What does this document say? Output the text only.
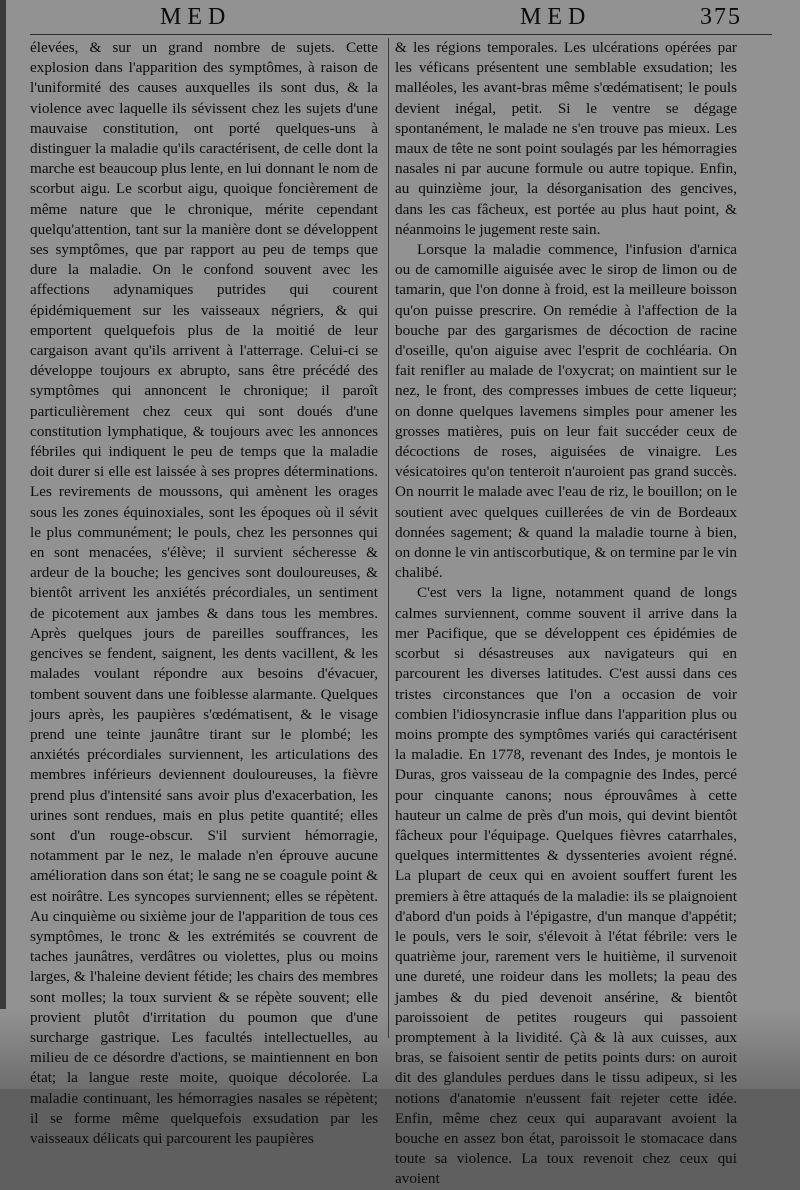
MED	MED	375

élevées, & sur un grand nombre de sujets. Cette explosion dans l'apparition des symptômes, à raison de l'uniformité des causes auxquelles ils sont dus, & la violence avec laquelle ils sévissent chez les sujets d'une mauvaise constitution, ont porté quelques-uns à distinguer la maladie qu'ils caractérisent, de celle dont la marche est beaucoup plus lente, en lui donnant le nom de scorbut aigu. Le scorbut aigu, quoique foncièrement de même nature que le chronique, mérite cependant quelqu'attention, tant sur la manière dont se développent ses symptômes, que par rapport au peu de temps que dure la maladie. On le confond souvent avec les affections adynamiques putrides qui courent épidémiquement sur les vaisseaux négriers, & qui emportent quelquefois plus de la moitié de leur cargaison avant qu'ils arrivent à l'atterrage. Celui-ci se développe toujours ex abrupto, sans être précédé des symptômes qui annoncent le chronique; il paroît particulièrement chez ceux qui sont doués d'une constitution lymphatique, & toujours avec les annonces fébriles qui indiquent le peu de temps que la maladie doit durer si elle est laissée à ses propres déterminations. Les revirements de moussons, qui amènent les orages sous les zones équinoxiales, sont les époques où il sévit le plus communément; le pouls, chez les personnes qui en sont menacées, s'élève; il survient sécheresse & ardeur de la bouche; les gencives sont douloureuses, & bientôt arrivent les anxiétés précordiales, un sentiment de picotement aux jambes & dans tous les membres. Après quelques jours de pareilles souffrances, les gencives se fendent, saignent, les dents vacillent, & les malades voulant répondre aux besoins d'évacuer, tombent souvent dans une foiblesse alarmante. Quelques jours après, les paupières s'œdématisent, & le visage prend une teinte jaunâtre tirant sur le plombé; les anxiétés précordiales surviennent, les articulations des membres inférieurs deviennent douloureuses, la fièvre prend plus d'intensité sans avoir plus d'exacerbation, les urines sont rendues, mais en plus petite quantité; elles sont d'un rouge-obscur. S'il survient hémorragie, notamment par le nez, le malade n'en éprouve aucune amélioration dans son état; le sang ne se coagule point & est noirâtre. Les syncopes surviennent; elles se répètent. Au cinquième ou sixième jour de l'apparition de tous ces symptômes, le tronc & les extrémités se couvrent de taches jaunâtres, verdâtres ou violettes, plus ou moins larges, & l'haleine devient fétide; les chairs des membres sont molles; la toux survient & se répète souvent; elle provient plutôt d'irritation du poumon que d'une surcharge gastrique. Les facultés intellectuelles, au milieu de ce désordre d'actions, se maintiennent en bon état; la langue reste moite, quoique décolorée. La maladie continuant, les hémorragies nasales se répètent; il se forme même quelquefois exsudation par les vaisseaux délicats qui parcourent les paupières

& les régions temporales. Les ulcérations opérées par les véficans présentent une semblable exsudation; les malléoles, les avant-bras même s'œdématisent; le pouls devient inégal, petit. Si le ventre se dégage spontanément, le malade ne s'en trouve pas mieux. Les maux de tête ne sont point soulagés par les hémorragies nasales ni par aucune formule ou autre topique. Enfin, au quinzième jour, la désorganisation des gencives, dans les cas fâcheux, est portée au plus haut point, & néanmoins le jugement reste sain.

Lorsque la maladie commence, l'infusion d'arnica ou de camomille aiguisée avec le sirop de limon ou de tamarin, que l'on donne à froid, est la meilleure boisson qu'on puisse prescrire. On remédie à l'affection de la bouche par des gargarismes de décoction de racine d'oseille, qu'on aiguise avec l'esprit de cochléaria. On fait renifler au malade de l'oxycrat; on maintient sur le nez, le front, des compresses imbues de cette liqueur; on donne quelques lavemens simples pour amener les grosses matières, puis on leur fait succéder ceux de décoctions de roses, aiguisées de vinaigre. Les vésicatoires qu'on tenteroit n'auroient pas grand succès. On nourrit le malade avec l'eau de riz, le bouillon; on le soutient avec quelques cuillerées de vin de Bordeaux données sagement; & quand la maladie tourne à bien, on donne le vin antiscorbutique, & on termine par le vin chalibé.

C'est vers la ligne, notamment quand de longs calmes surviennent, comme souvent il arrive dans la mer Pacifique, que se développent ces épidémies de scorbut si désastreuses aux navigateurs qui en parcourent les diverses latitudes. C'est aussi dans ces tristes circonstances que l'on a occasion de voir combien l'idiosyncrasie influe dans l'apparition plus ou moins prompte des symptômes variés qui caractérisent la maladie. En 1778, revenant des Indes, je montois le Duras, gros vaisseau de la compagnie des Indes, percé pour cinquante canons; nous éprouvâmes à cette hauteur un calme de près d'un mois, qui devint bientôt fâcheux pour l'équipage. Quelques fièvres catarrhales, quelques intermittentes & dyssenteries avoient régné. La plupart de ceux qui en avoient souffert furent les premiers à être attaqués de la maladie: ils se plaignoient d'abord d'un poids à l'épigastre, d'un manque d'appétit; le pouls, vers le soir, s'élevoit à l'état fébrile: vers le quatrième jour, rarement vers le huitième, il survenoit une dureté, une roideur dans les mollets; la peau des jambes & du pied devenoit ansérine, & bientôt paroissoient de petites rougeurs qui passoient promptement à la lividité. Çà & là aux cuisses, aux bras, se faisoient sentir de petits points durs: on auroit dit des glandules perdues dans le tissu adipeux, si les notions d'anatomie n'eussent fait rejeter cette idée. Enfin, même chez ceux qui auparavant avoient la bouche en assez bon état, paroissoit le stomacace dans toute sa violence. La toux revenoit chez ceux qui avoient
